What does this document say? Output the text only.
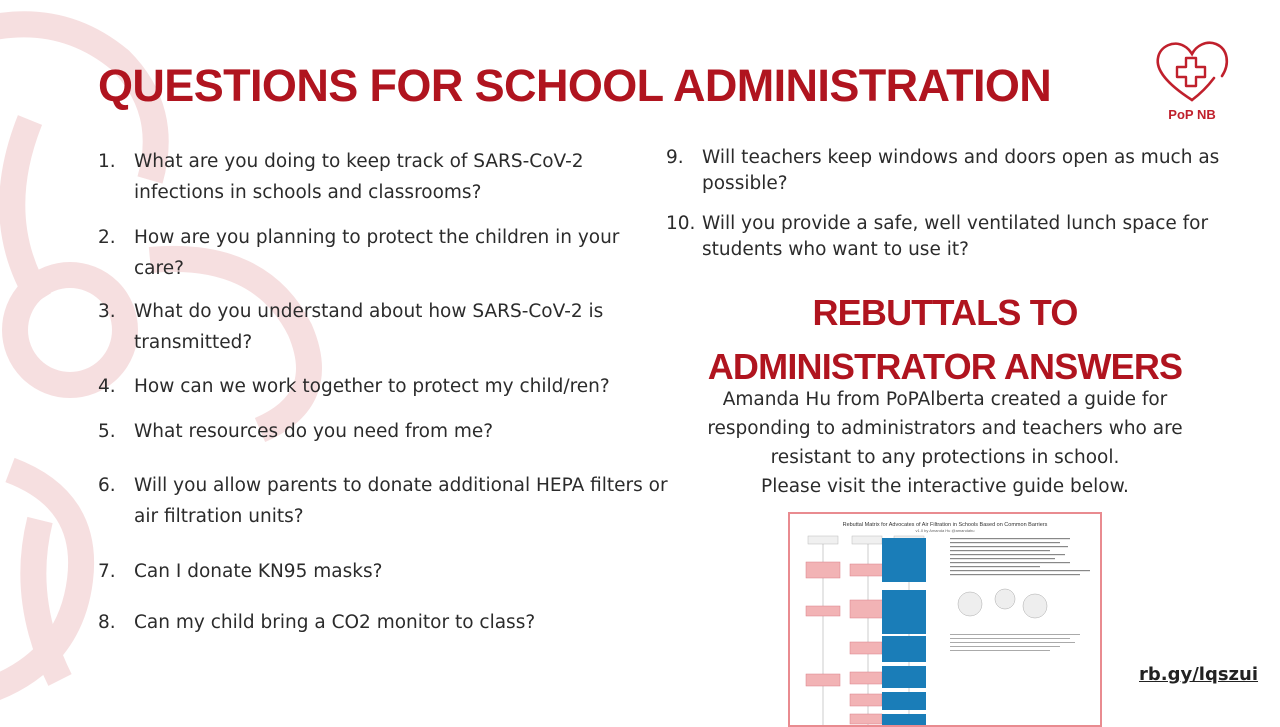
QUESTIONS FOR SCHOOL ADMINISTRATION
PoP NB
1. What are you doing to keep track of SARS-CoV-2 infections in schools and classrooms?
2. How are you planning to protect the children in your care?
3. What do you understand about how SARS-CoV-2 is transmitted?
4. How can we work together to protect my child/ren?
5. What resources do you need from me?
6. Will you allow parents to donate additional HEPA filters or air filtration units?
7. Can I donate KN95 masks?
8. Can my child bring a CO2 monitor to class?
9. Will teachers keep windows and doors open as much as possible?
10. Will you provide a safe, well ventilated lunch space for students who want to use it?
REBUTTALS TO
ADMINISTRATOR ANSWERS
Amanda Hu from PoPAlberta created a guide for
responding to administrators and teachers who are
resistant to any protections in school.
Please visit the interactive guide below.
Rebuttal Matrix for Advocates of Air Filtration in Schools Based on Common Barriers
v1.0 by Amanda Hu @amandahu
rb.gy/lqszui
